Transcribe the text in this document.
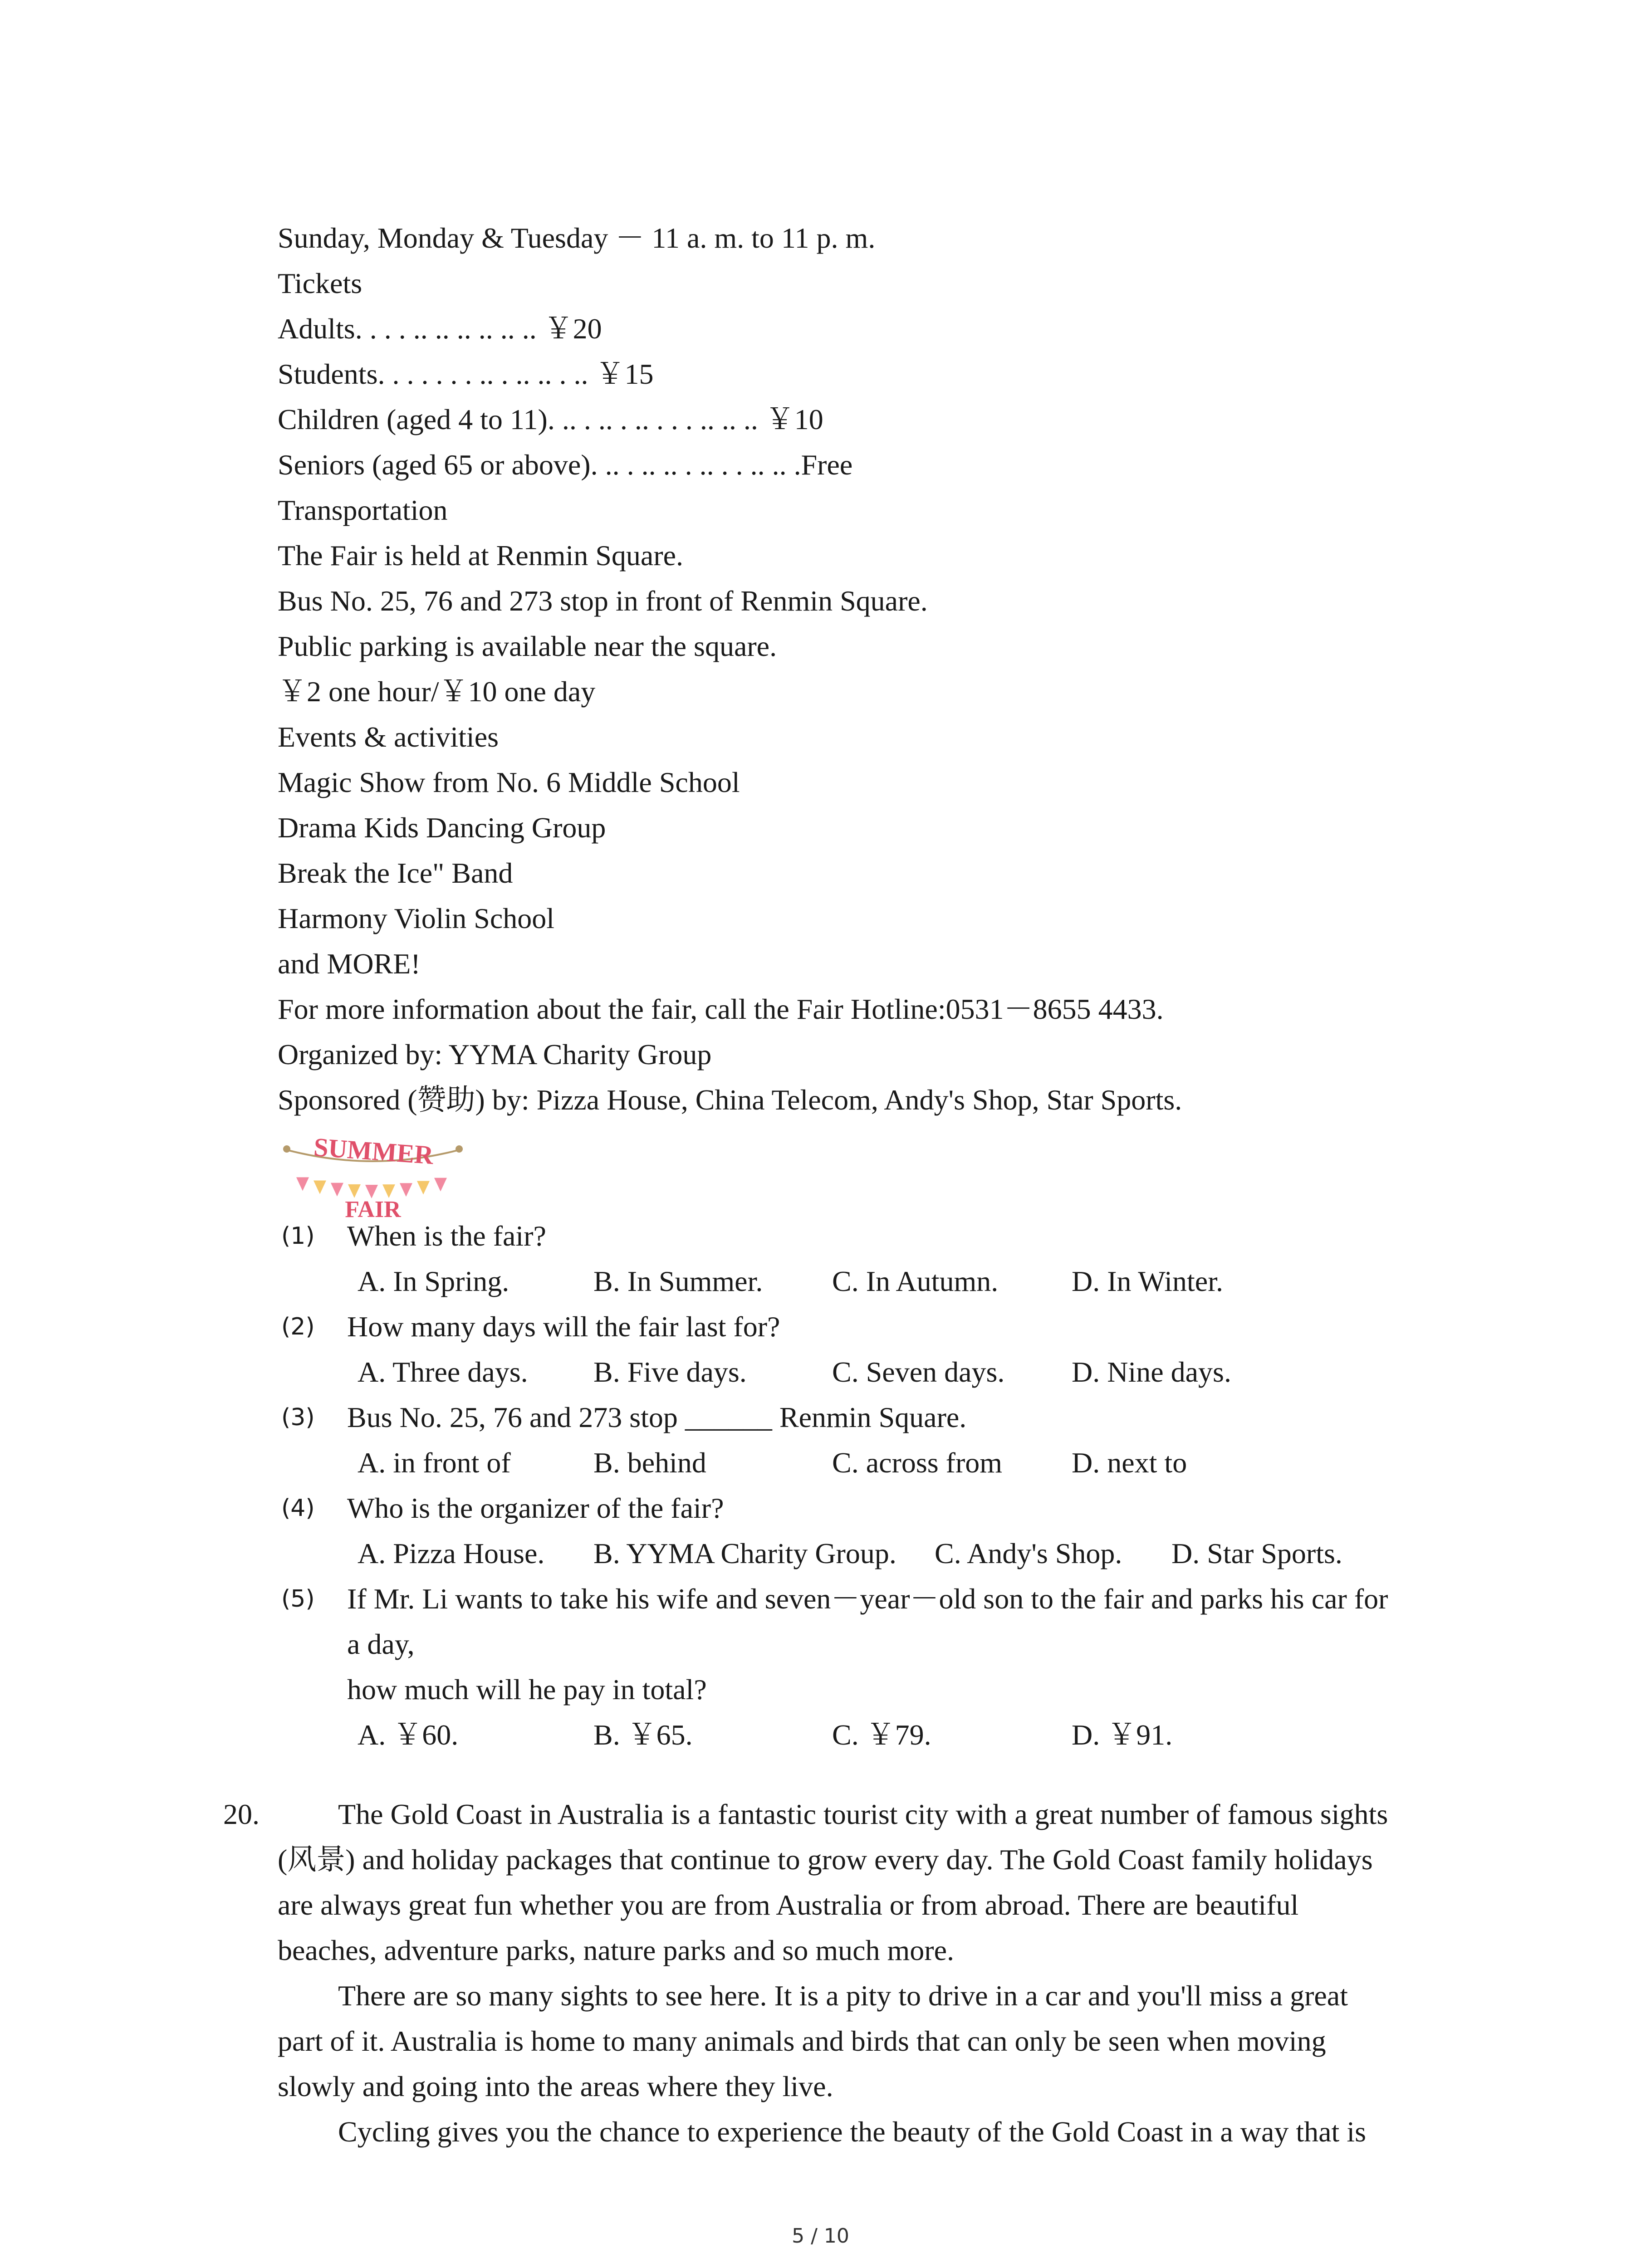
Sunday, Monday & Tuesday － 11 a. m. to 11 p. m.
Tickets
Adults. . . . .. .. .. .. .. .. ￥20
Students. . . . . . . .. . .. .. . .. ￥15
Children (aged 4 to 11). .. . .. . .. . . . .. .. .. ￥10
Seniors (aged 65 or above). .. . .. .. . .. . . .. .. .Free
Transportation
The Fair is held at Renmin Square.
Bus No. 25, 76 and 273 stop in front of Renmin Square.
Public parking is available near the square.
￥2 one hour/￥10 one day
Events & activities
Magic Show from No. 6 Middle School
Drama Kids Dancing Group
Break the Ice" Band
Harmony Violin School
and MORE!
For more information about the fair, call the Fair Hotline:0531－8655 4433.
Organized by: YYMA Charity Group
Sponsored (赞助) by: Pizza House, China Telecom, Andy's Shop, Star Sports.
SUMMER
FAIR
(1) When is the fair?
A. In Spring.	B. In Summer. C. In Autumn.	D. In Winter.
(2) How many days will the fair last for?
A. Three days. B. Five days.	C. Seven days. D. Nine days.
(3) Bus No. 25, 76 and 273 stop ______ Renmin Square.
A. in front of	B. behind	C. across from D. next to
(4) Who is the organizer of the fair?
A. Pizza House. B. YYMA Charity Group. C. Andy's Shop. D. Star Sports.
(5) If Mr. Li wants to take his wife and seven－year－old son to the fair and parks his car for
a day,
how much will he pay in total?
A. ￥60.	B. ￥65.	C. ￥79.	D. ￥91.
20.	The Gold Coast in Australia is a fantastic tourist city with a great number of famous sights
(风景) and holiday packages that continue to grow every day. The Gold Coast family holidays
are always great fun whether you are from Australia or from abroad. There are beautiful
beaches, adventure parks, nature parks and so much more.
There are so many sights to see here. It is a pity to drive in a car and you'll miss a great
part of it. Australia is home to many animals and birds that can only be seen when moving
slowly and going into the areas where they live.
Cycling gives you the chance to experience the beauty of the Gold Coast in a way that is
5 / 10
